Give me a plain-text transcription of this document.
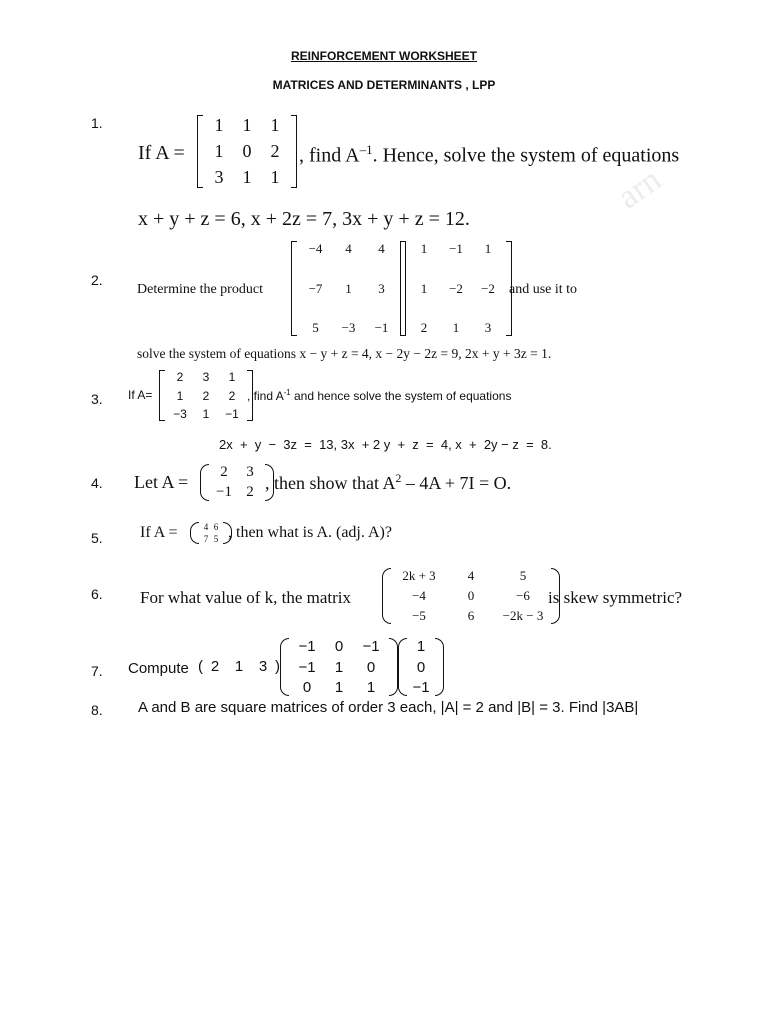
arn
REINFORCEMENT WORKSHEET
MATRICES AND DETERMINANTS , LPP
1.
If A =
1	1	1
1	0	2
3	1	1
, find $A^{-1}$. Hence, solve the system of equations
x + y + z = 6, x + 2z = 7, 3x + y + z = 12.
2.
Determine the product
−4	4	4
−7	1	3
5	−3	−1
1	−1	1
1	−2	−2
2	1	3
and use it to
solve the system of equations x − y + z = 4, x − 2y − 2z = 9, 2x + y + 3z = 1.
3. If A=
2	3	1
1	2	2
−3	1	−1
, find $A^{-1}$ and hence solve the system of equations
2x  +  y  −  3z  =  13, 3x  + 2 y  +  z  =  4, x  +  2y − z  =  8.
4. Let A =	2	3
−1 2 , then show that $A^2 - 4A + 7I = O$.
5. If A =	4 6
7 5 , then what is A. (adj. A)?
6. For what value of k, the matrix
2k + 3	4	5
−4	0	−6
−5	6	−2k − 3
is skew symmetric?
7. Compute ( 2	1	3 )
−1	0	−1
−1	1	0
0	1	1
1
0
−1
8. A and B are square matrices of order 3 each, |A| = 2 and |B| = 3. Find |3AB|
